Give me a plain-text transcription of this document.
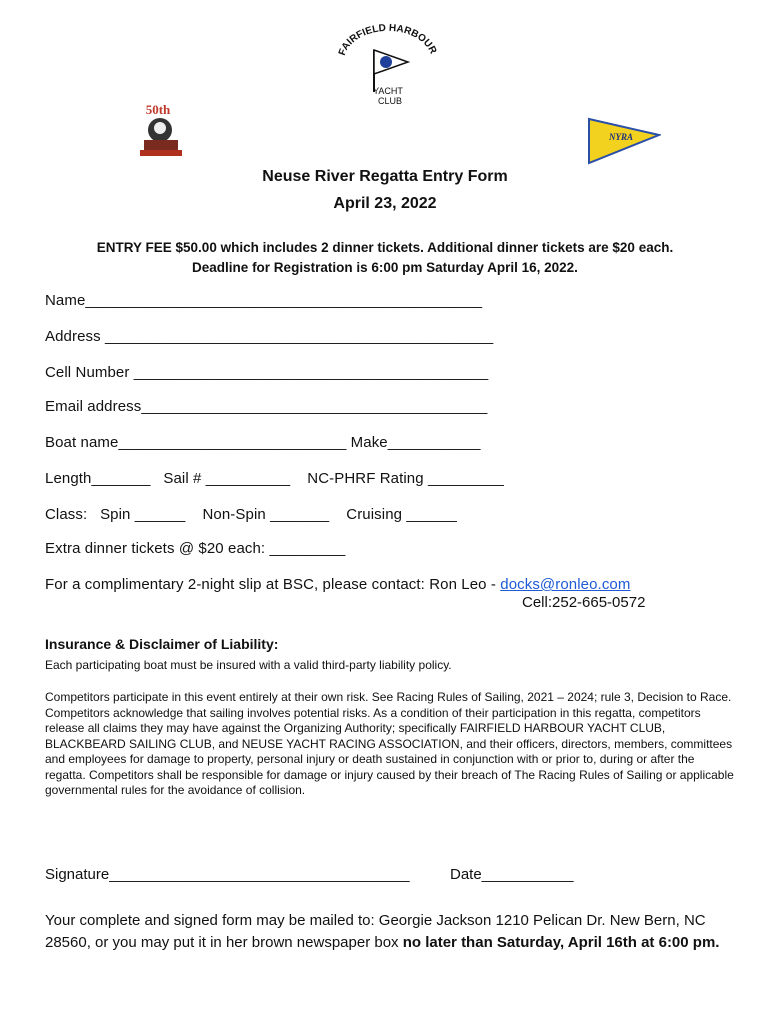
FAIRFIELD HARBOUR
YACHT
CLUB
50th
NYRA
Neuse River Regatta Entry Form
April 23, 2022
ENTRY FEE $50.00 which includes 2 dinner tickets. Additional dinner tickets are $20 each.
Deadline for Registration is 6:00 pm Saturday April 16, 2022.
Name_______________________________________________
Address ______________________________________________
Cell Number __________________________________________
Email address_________________________________________
Boat name___________________________ Make___________
Length_______   Sail # __________    NC-PHRF Rating _________
Class:   Spin ______    Non-Spin _______    Cruising ______
Extra dinner tickets @ $20 each: _________
For a complimentary 2-night slip at BSC, please contact: Ron Leo - docks@ronleo.com
Cell:252-665-0572
Insurance & Disclaimer of Liability:
Each participating boat must be insured with a valid third-party liability policy.
Competitors participate in this event entirely at their own risk. See Racing Rules of Sailing, 2021 – 2024; rule 3, Decision to Race. Competitors acknowledge that sailing involves potential risks. As a condition of their participation in this regatta, competitors release all claims they may have against the Organizing Authority; specifically FAIRFIELD HARBOUR YACHT CLUB, BLACKBEARD SAILING CLUB, and NEUSE YACHT RACING ASSOCIATION, and their officers, directors, members, committees and employees for damage to property, personal injury or death sustained in conjunction with or prior to, during or after the regatta. Competitors shall be responsible for damage or injury caused by their breach of The Racing Rules of Sailing or applicable governmental rules for the avoidance of collision.
Signature____________________________________	Date___________
Your complete and signed form may be mailed to: Georgie Jackson 1210 Pelican Dr. New Bern, NC 28560, or you may put it in her brown newspaper box no later than Saturday, April 16th at 6:00 pm.
